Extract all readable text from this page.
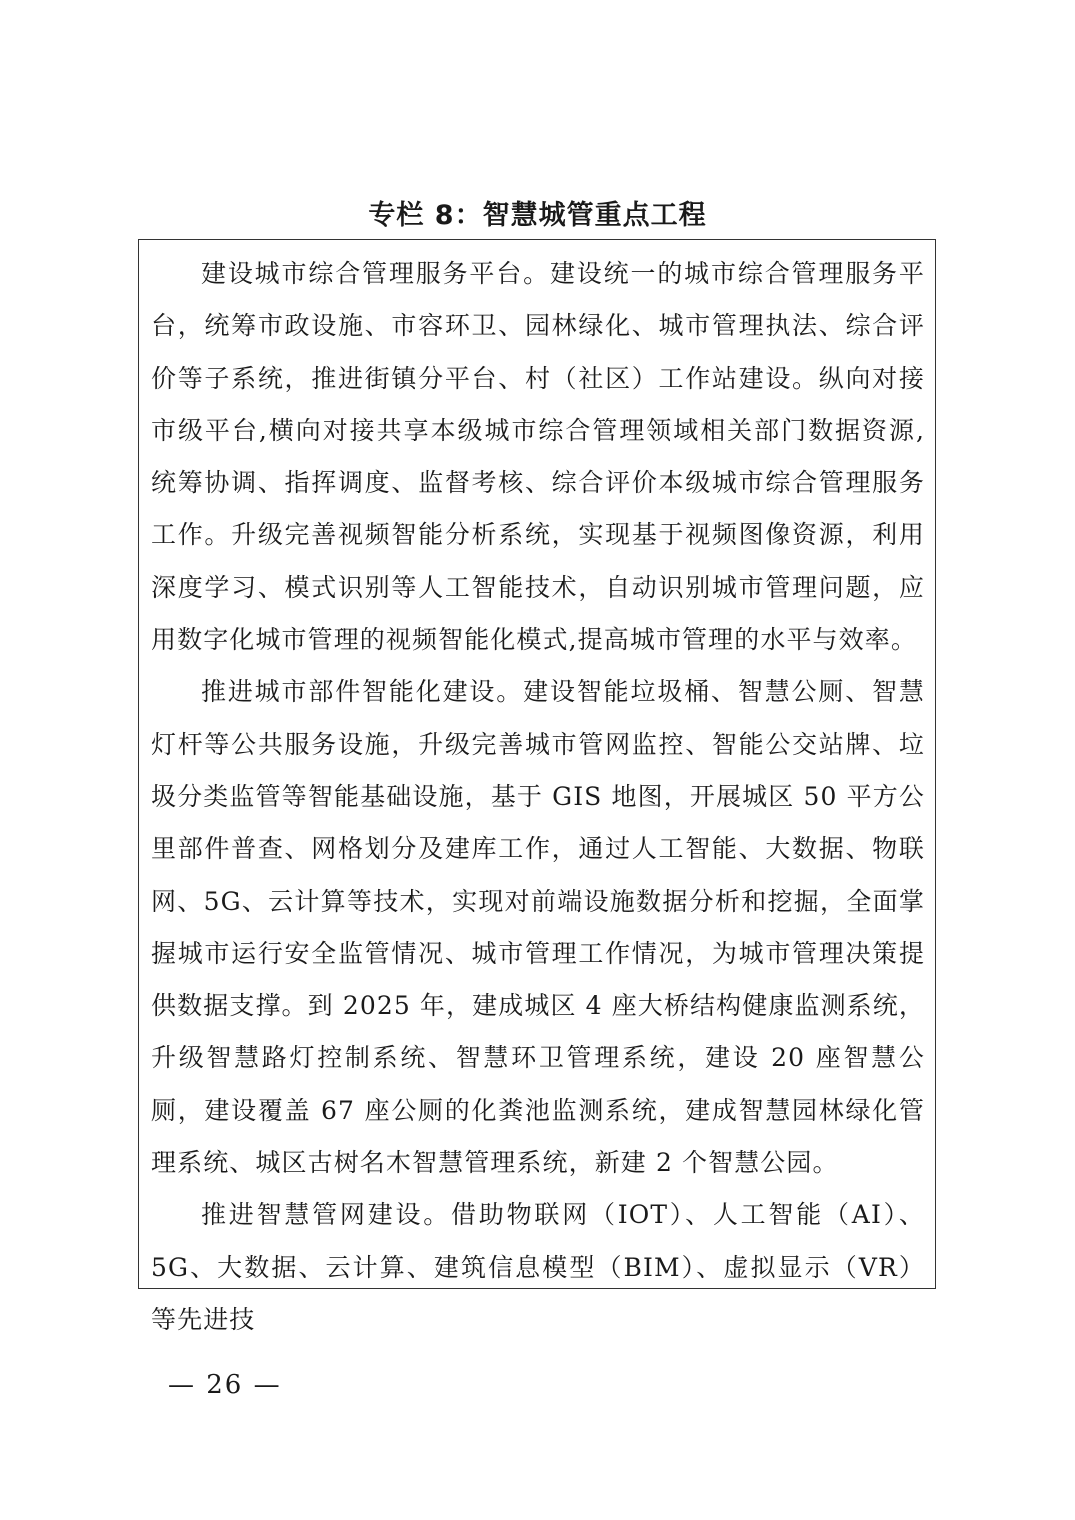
专栏 8：智慧城管重点工程

建设城市综合管理服务平台。建设统一的城市综合管理服务平台，统筹市政设施、市容环卫、园林绿化、城市管理执法、综合评价等子系统，推进街镇分平台、村（社区）工作站建设。纵向对接市级平台,横向对接共享本级城市综合管理领域相关部门数据资源,统筹协调、指挥调度、监督考核、综合评价本级城市综合管理服务工作。升级完善视频智能分析系统，实现基于视频图像资源，利用深度学习、模式识别等人工智能技术，自动识别城市管理问题，应用数字化城市管理的视频智能化模式,提高城市管理的水平与效率。

推进城市部件智能化建设。建设智能垃圾桶、智慧公厕、智慧灯杆等公共服务设施，升级完善城市管网监控、智能公交站牌、垃圾分类监管等智能基础设施，基于 GIS 地图，开展城区 50 平方公里部件普查、网格划分及建库工作，通过人工智能、大数据、物联网、5G、云计算等技术，实现对前端设施数据分析和挖掘，全面掌握城市运行安全监管情况、城市管理工作情况，为城市管理决策提供数据支撑。到 2025 年，建成城区 4 座大桥结构健康监测系统，升级智慧路灯控制系统、智慧环卫管理系统，建设 20 座智慧公厕，建设覆盖 67 座公厕的化粪池监测系统，建成智慧园林绿化管理系统、城区古树名木智慧管理系统，新建 2 个智慧公园。

推进智慧管网建设。借助物联网（IOT）、人工智能（AI）、5G、大数据、云计算、建筑信息模型（BIM）、虚拟显示（VR）等先进技

— 26 —
